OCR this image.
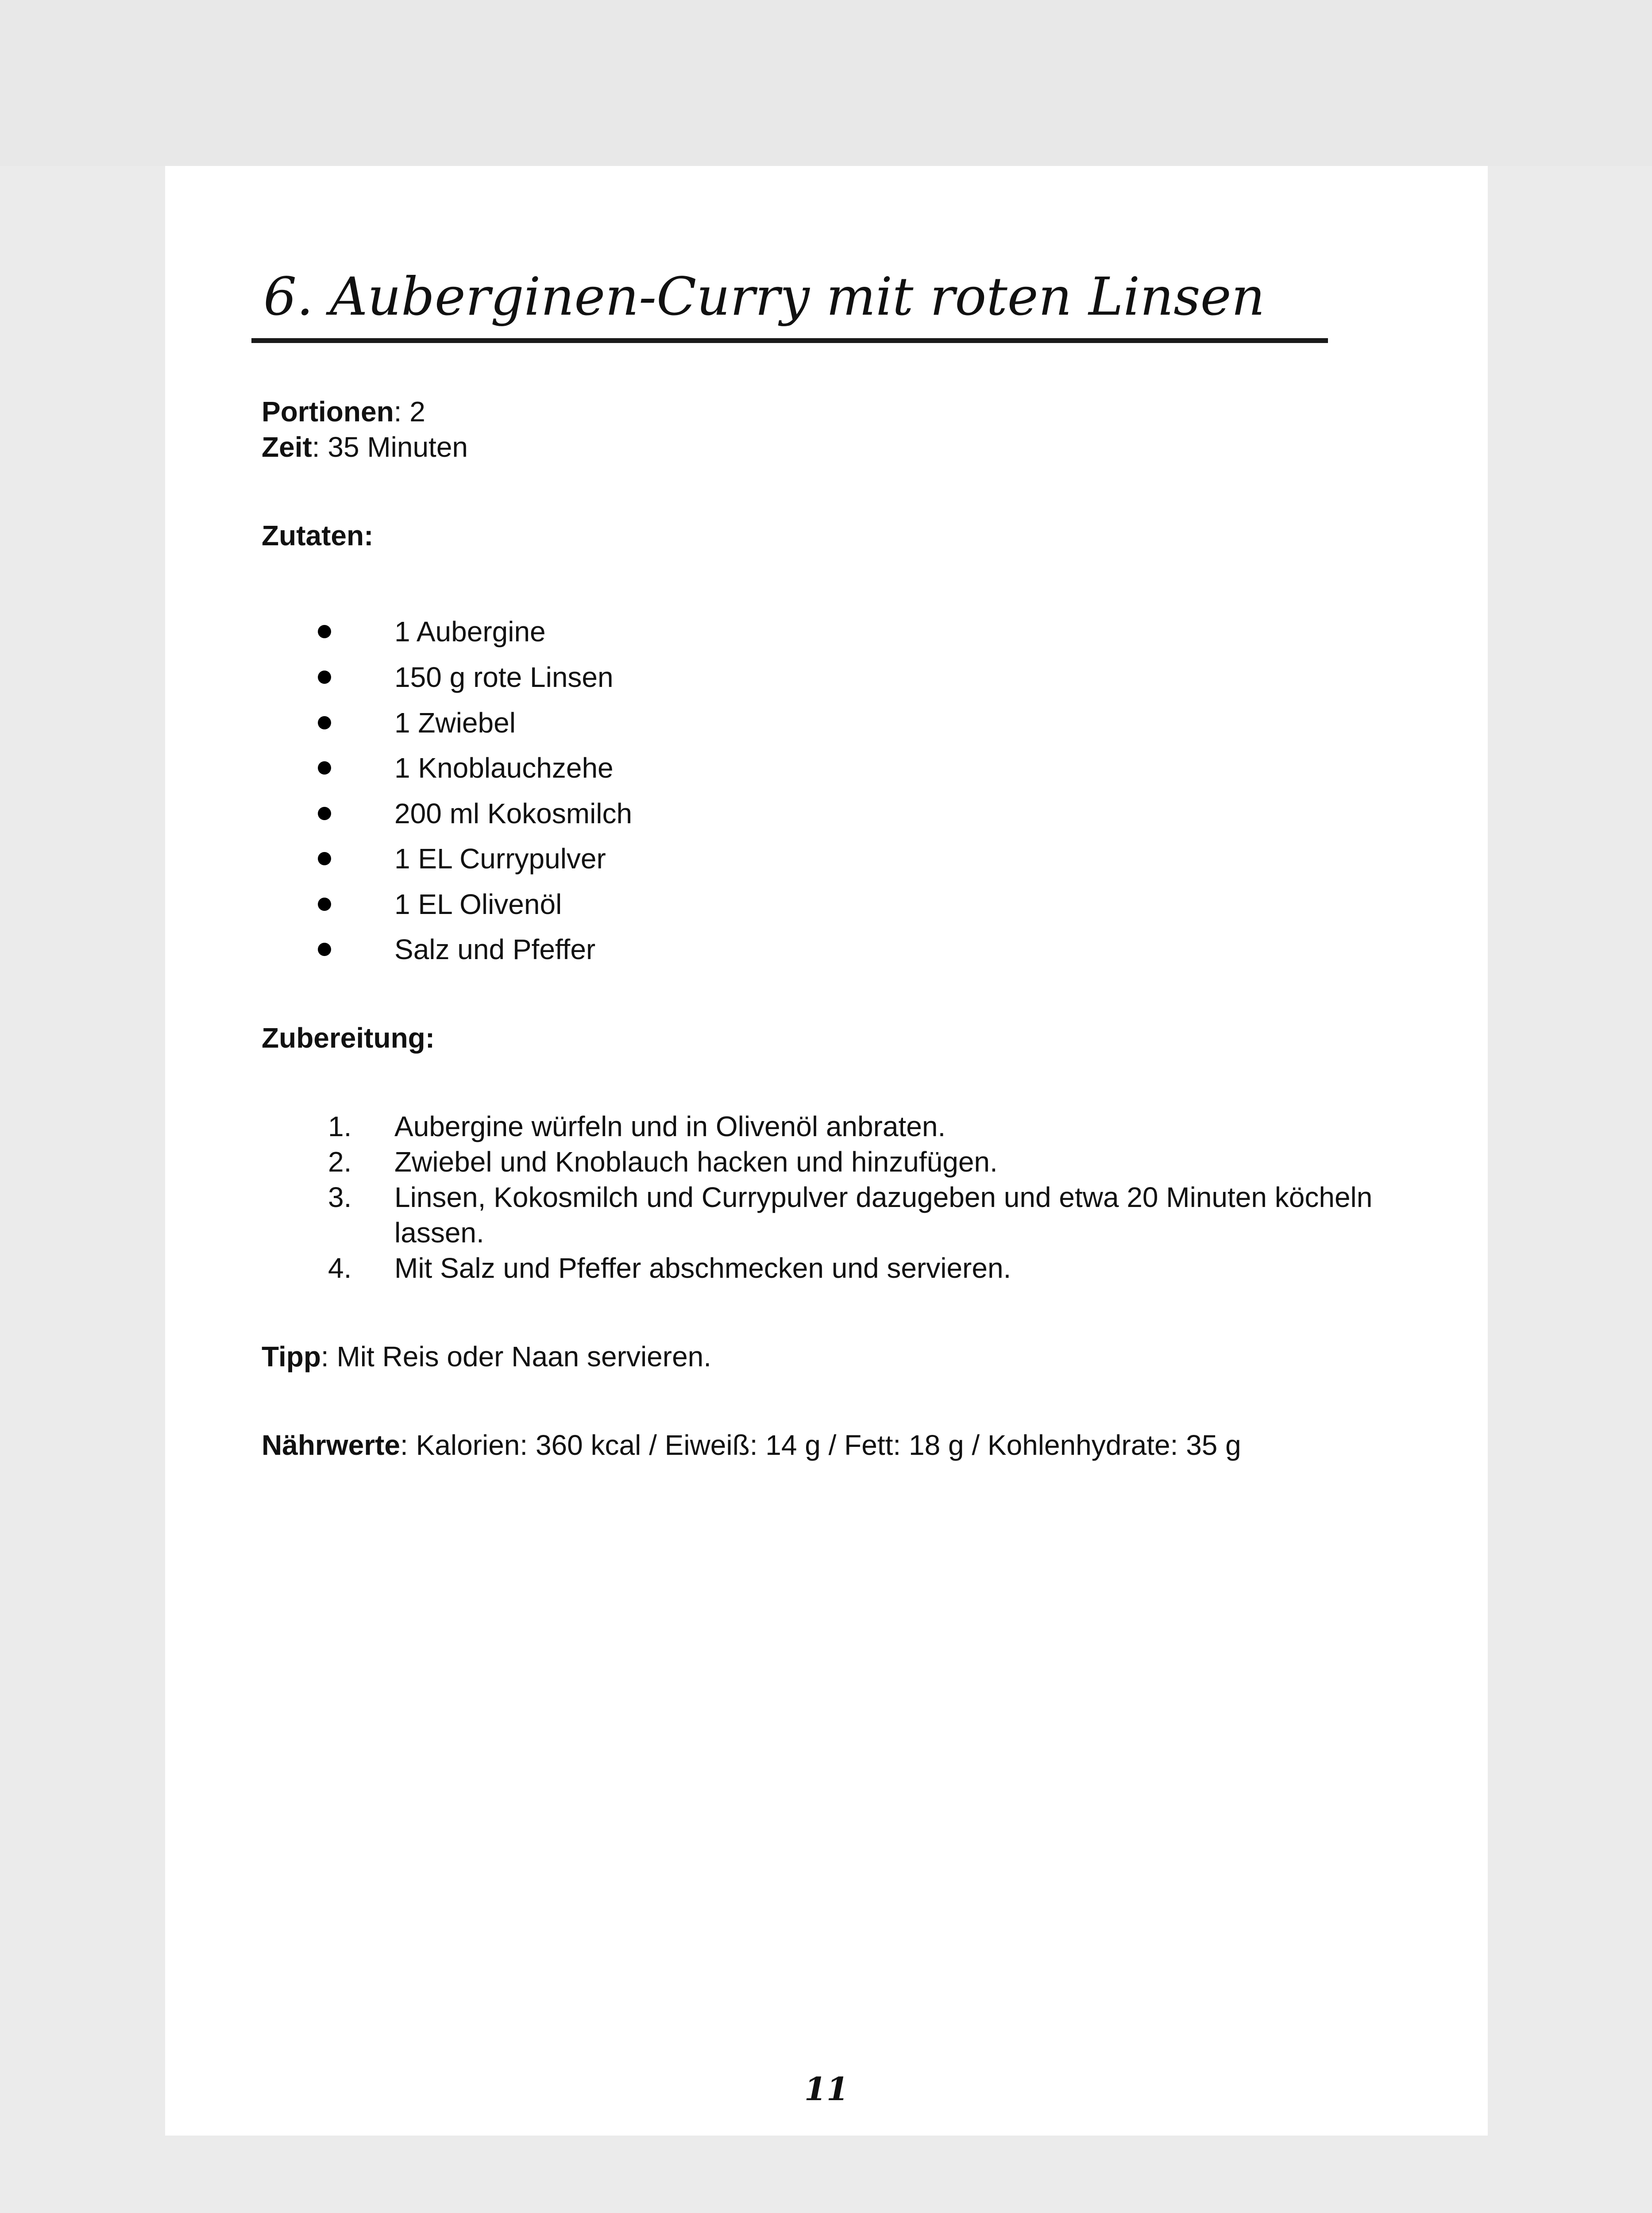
6. Auberginen-Curry mit roten Linsen
Portionen: 2
Zeit: 35 Minuten
Zutaten:
1 Aubergine
150 g rote Linsen
1 Zwiebel
1 Knoblauchzehe
200 ml Kokosmilch
1 EL Currypulver
1 EL Olivenöl
Salz und Pfeffer
Zubereitung:
1. Aubergine würfeln und in Olivenöl anbraten.
2. Zwiebel und Knoblauch hacken und hinzufügen.
3. Linsen, Kokosmilch und Currypulver dazugeben und etwa 20 Minuten köcheln lassen.
4. Mit Salz und Pfeffer abschmecken und servieren.
Tipp: Mit Reis oder Naan servieren.
Nährwerte: Kalorien: 360 kcal / Eiweiß: 14 g / Fett: 18 g / Kohlenhydrate: 35 g
11
